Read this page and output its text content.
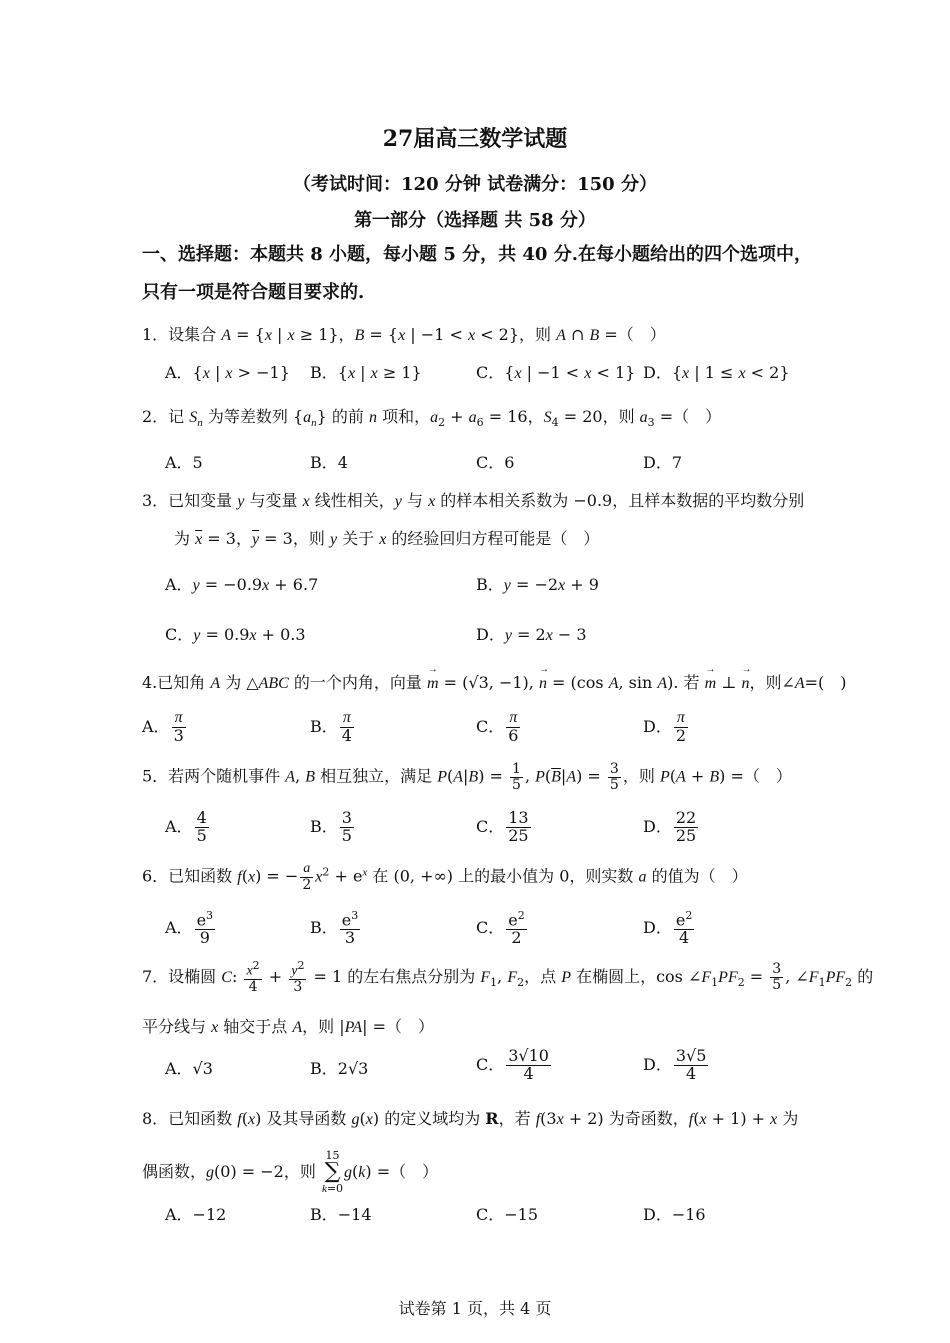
27届高三数学试题
（考试时间：120 分钟 试卷满分：150 分）
第一部分（选择题 共 58 分）
一、选择题：本题共 8 小题，每小题 5 分，共 40 分.在每小题给出的四个选项中，
只有一项是符合题目要求的.
1．设集合 A = {x | x ≥ 1}，B = {x | −1 < x < 2}，则 A ∩ B =（　）
A．{x | x > −1} B．{x | x ≥ 1}	C．{x | −1 < x < 1} D．{x | 1 ≤ x < 2}
2．记 $S_n$ 为等差数列 $\{a_n\}$ 的前 n 项和，$a_2 + a_6 = 16$，$S_4 = 20$，则 $a_3$ =（　）
A．5	B．4	C．6	D．7
3．已知变量 y 与变量 x 线性相关，y 与 x 的样本相关系数为 −0.9，且样本数据的平均数分别
为 $\overline{x} = 3$，$\overline{y} = 3$，则 y 关于 x 的经验回归方程可能是（　）
A．y = −0.9x + 6.7	B．y = −2x + 9
C．y = 0.9x + 0.3	D．y = 2x − 3
4.已知角 A 为 △ABC 的一个内角，向量 → m = (√3, −1), → n = (cos A, sin A). 若 → m ⊥ → n，则∠A=(　)
A． $\frac{\pi}{3}$	B． $\frac{\pi}{4}$	C． $\frac{\pi}{6}$	D． $\frac{\pi}{2}$
5．若两个随机事件 A, B 相互独立，满足 $P(A|B) = \frac{1}{5}$ , $P(\overline{B}|A) = \frac{3}{5}$ ，则 P(A + B) =（　）
A． $\frac{4}{5}$	B． $\frac{3}{5}$	C． $\frac{13}{25}$	D． $\frac{22}{25}$
6．已知函数 f(x) = − $\frac{a}{2} x^2 + e^x$ 在 (0, +∞) 上的最小值为 0，则实数 a 的值为（　）
A． $\frac{e^3}{9}$	B． $\frac{e^3}{3}$	C． $\frac{e^2}{2}$	D． $\frac{e^2}{4}$
7．设椭圆 C: $\frac{x^2}{4} + \frac{y^2}{3} = 1$ 的左右焦点分别为 $F_1$, $F_2$，点 P 在椭圆上，$\cos \angle F_1PF_2 = \frac{3}{5}$ , $\angle F_1PF_2$ 的
平分线与 x 轴交于点 A，则 |PA| =（　）
A．√3	B．2√3	C． $\frac{3√10}{4}$	D． $\frac{3√5}{4}$
8．已知函数 f(x) 及其导函数 g(x) 的定义域均为 R，若 f(3x + 2) 为奇函数，f(x + 1) + x 为
偶函数，g(0) = −2，则 15
∑
k=0g(k) =（　）
A．−12	B．−14	C．−15	D．−16
试卷第 1 页，共 4 页
